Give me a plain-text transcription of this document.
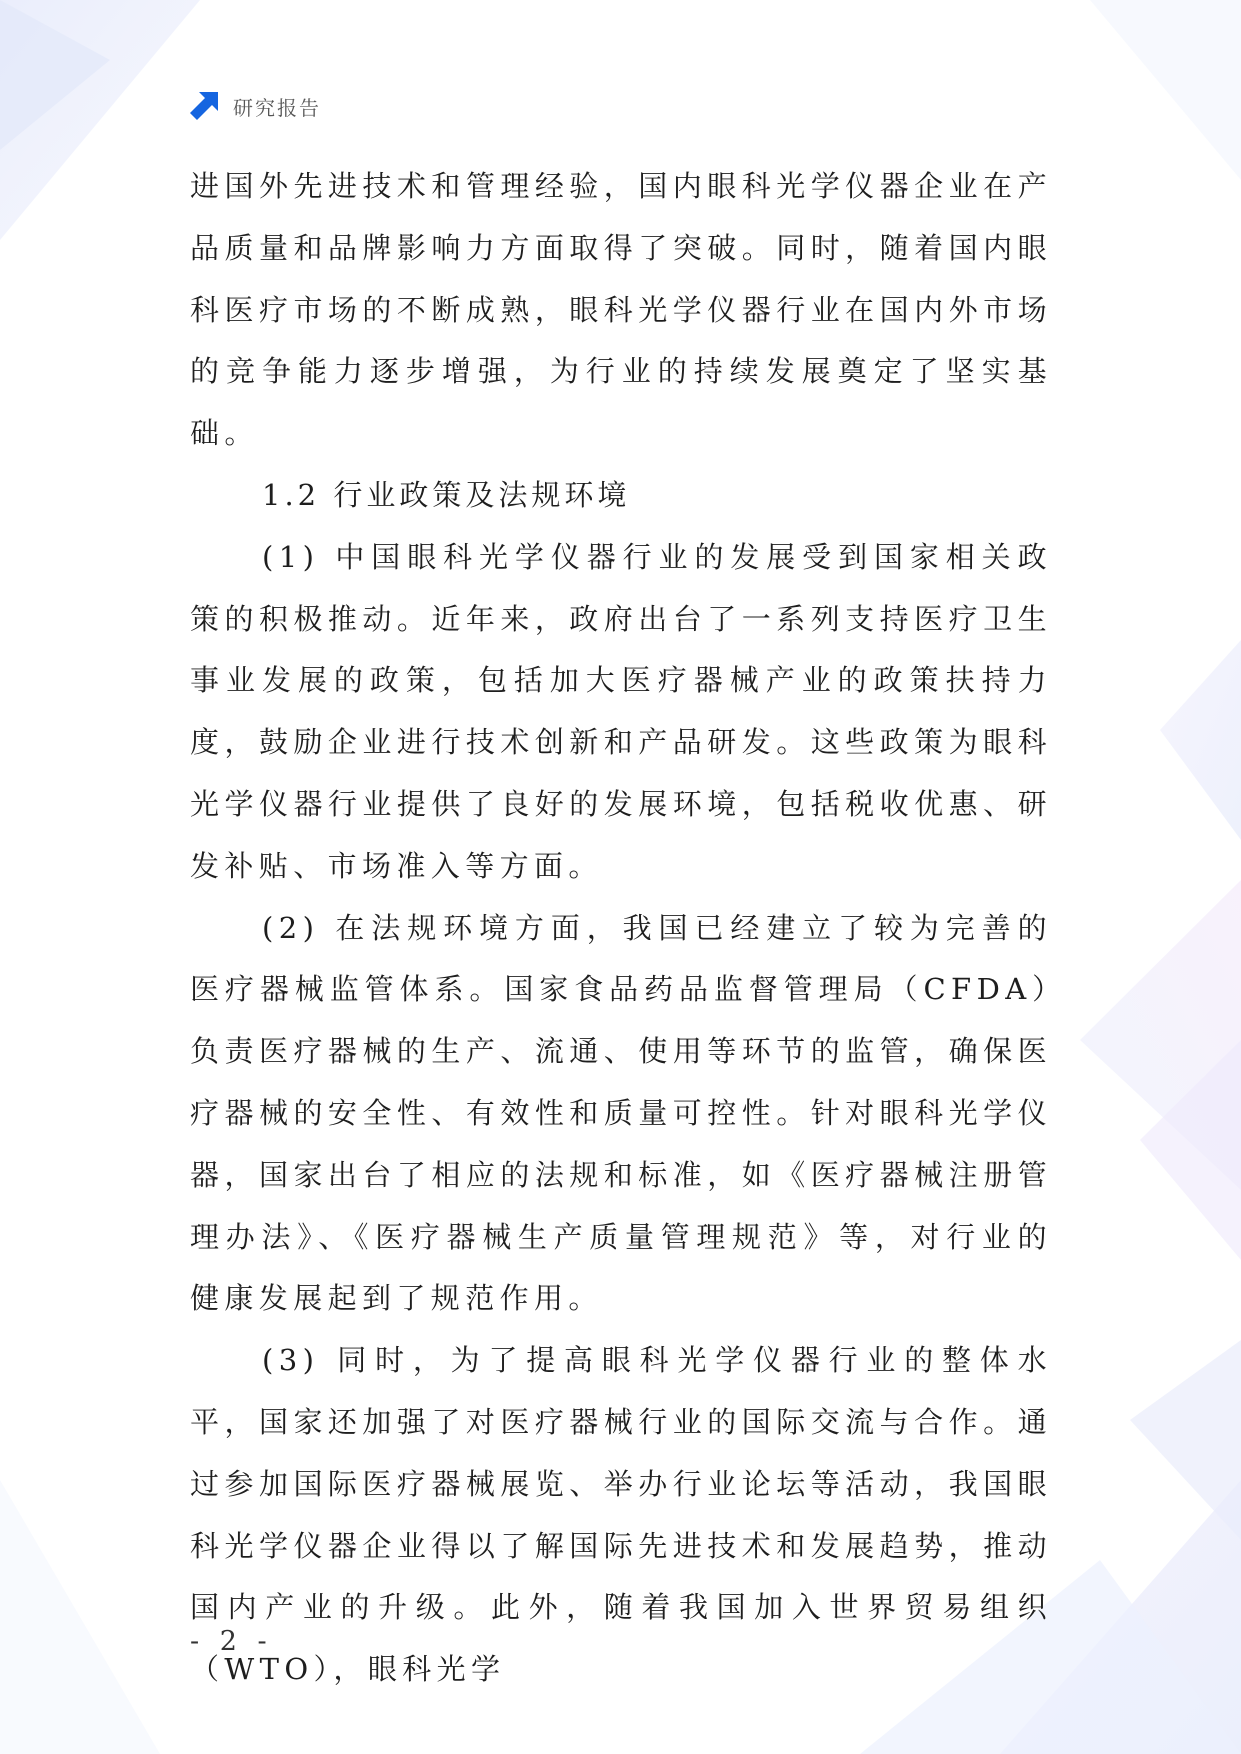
研究报告

进国外先进技术和管理经验，国内眼科光学仪器企业在产品质量和品牌影响力方面取得了突破。同时，随着国内眼科医疗市场的不断成熟，眼科光学仪器行业在国内外市场的竞争能力逐步增强，为行业的持续发展奠定了坚实基础。

1.2 行业政策及法规环境

(1) 中国眼科光学仪器行业的发展受到国家相关政策的积极推动。近年来，政府出台了一系列支持医疗卫生事业发展的政策，包括加大医疗器械产业的政策扶持力度，鼓励企业进行技术创新和产品研发。这些政策为眼科光学仪器行业提供了良好的发展环境，包括税收优惠、研发补贴、市场准入等方面。

(2) 在法规环境方面，我国已经建立了较为完善的医疗器械监管体系。国家食品药品监督管理局（CFDA）负责医疗器械的生产、流通、使用等环节的监管，确保医疗器械的安全性、有效性和质量可控性。针对眼科光学仪器，国家出台了相应的法规和标准，如《医疗器械注册管理办法》、《医疗器械生产质量管理规范》等，对行业的健康发展起到了规范作用。

(3) 同时，为了提高眼科光学仪器行业的整体水平，国家还加强了对医疗器械行业的国际交流与合作。通过参加国际医疗器械展览、举办行业论坛等活动，我国眼科光学仪器企业得以了解国际先进技术和发展趋势，推动国内产业的升级。此外，随着我国加入世界贸易组织（WTO），眼科光学

- 2 -
